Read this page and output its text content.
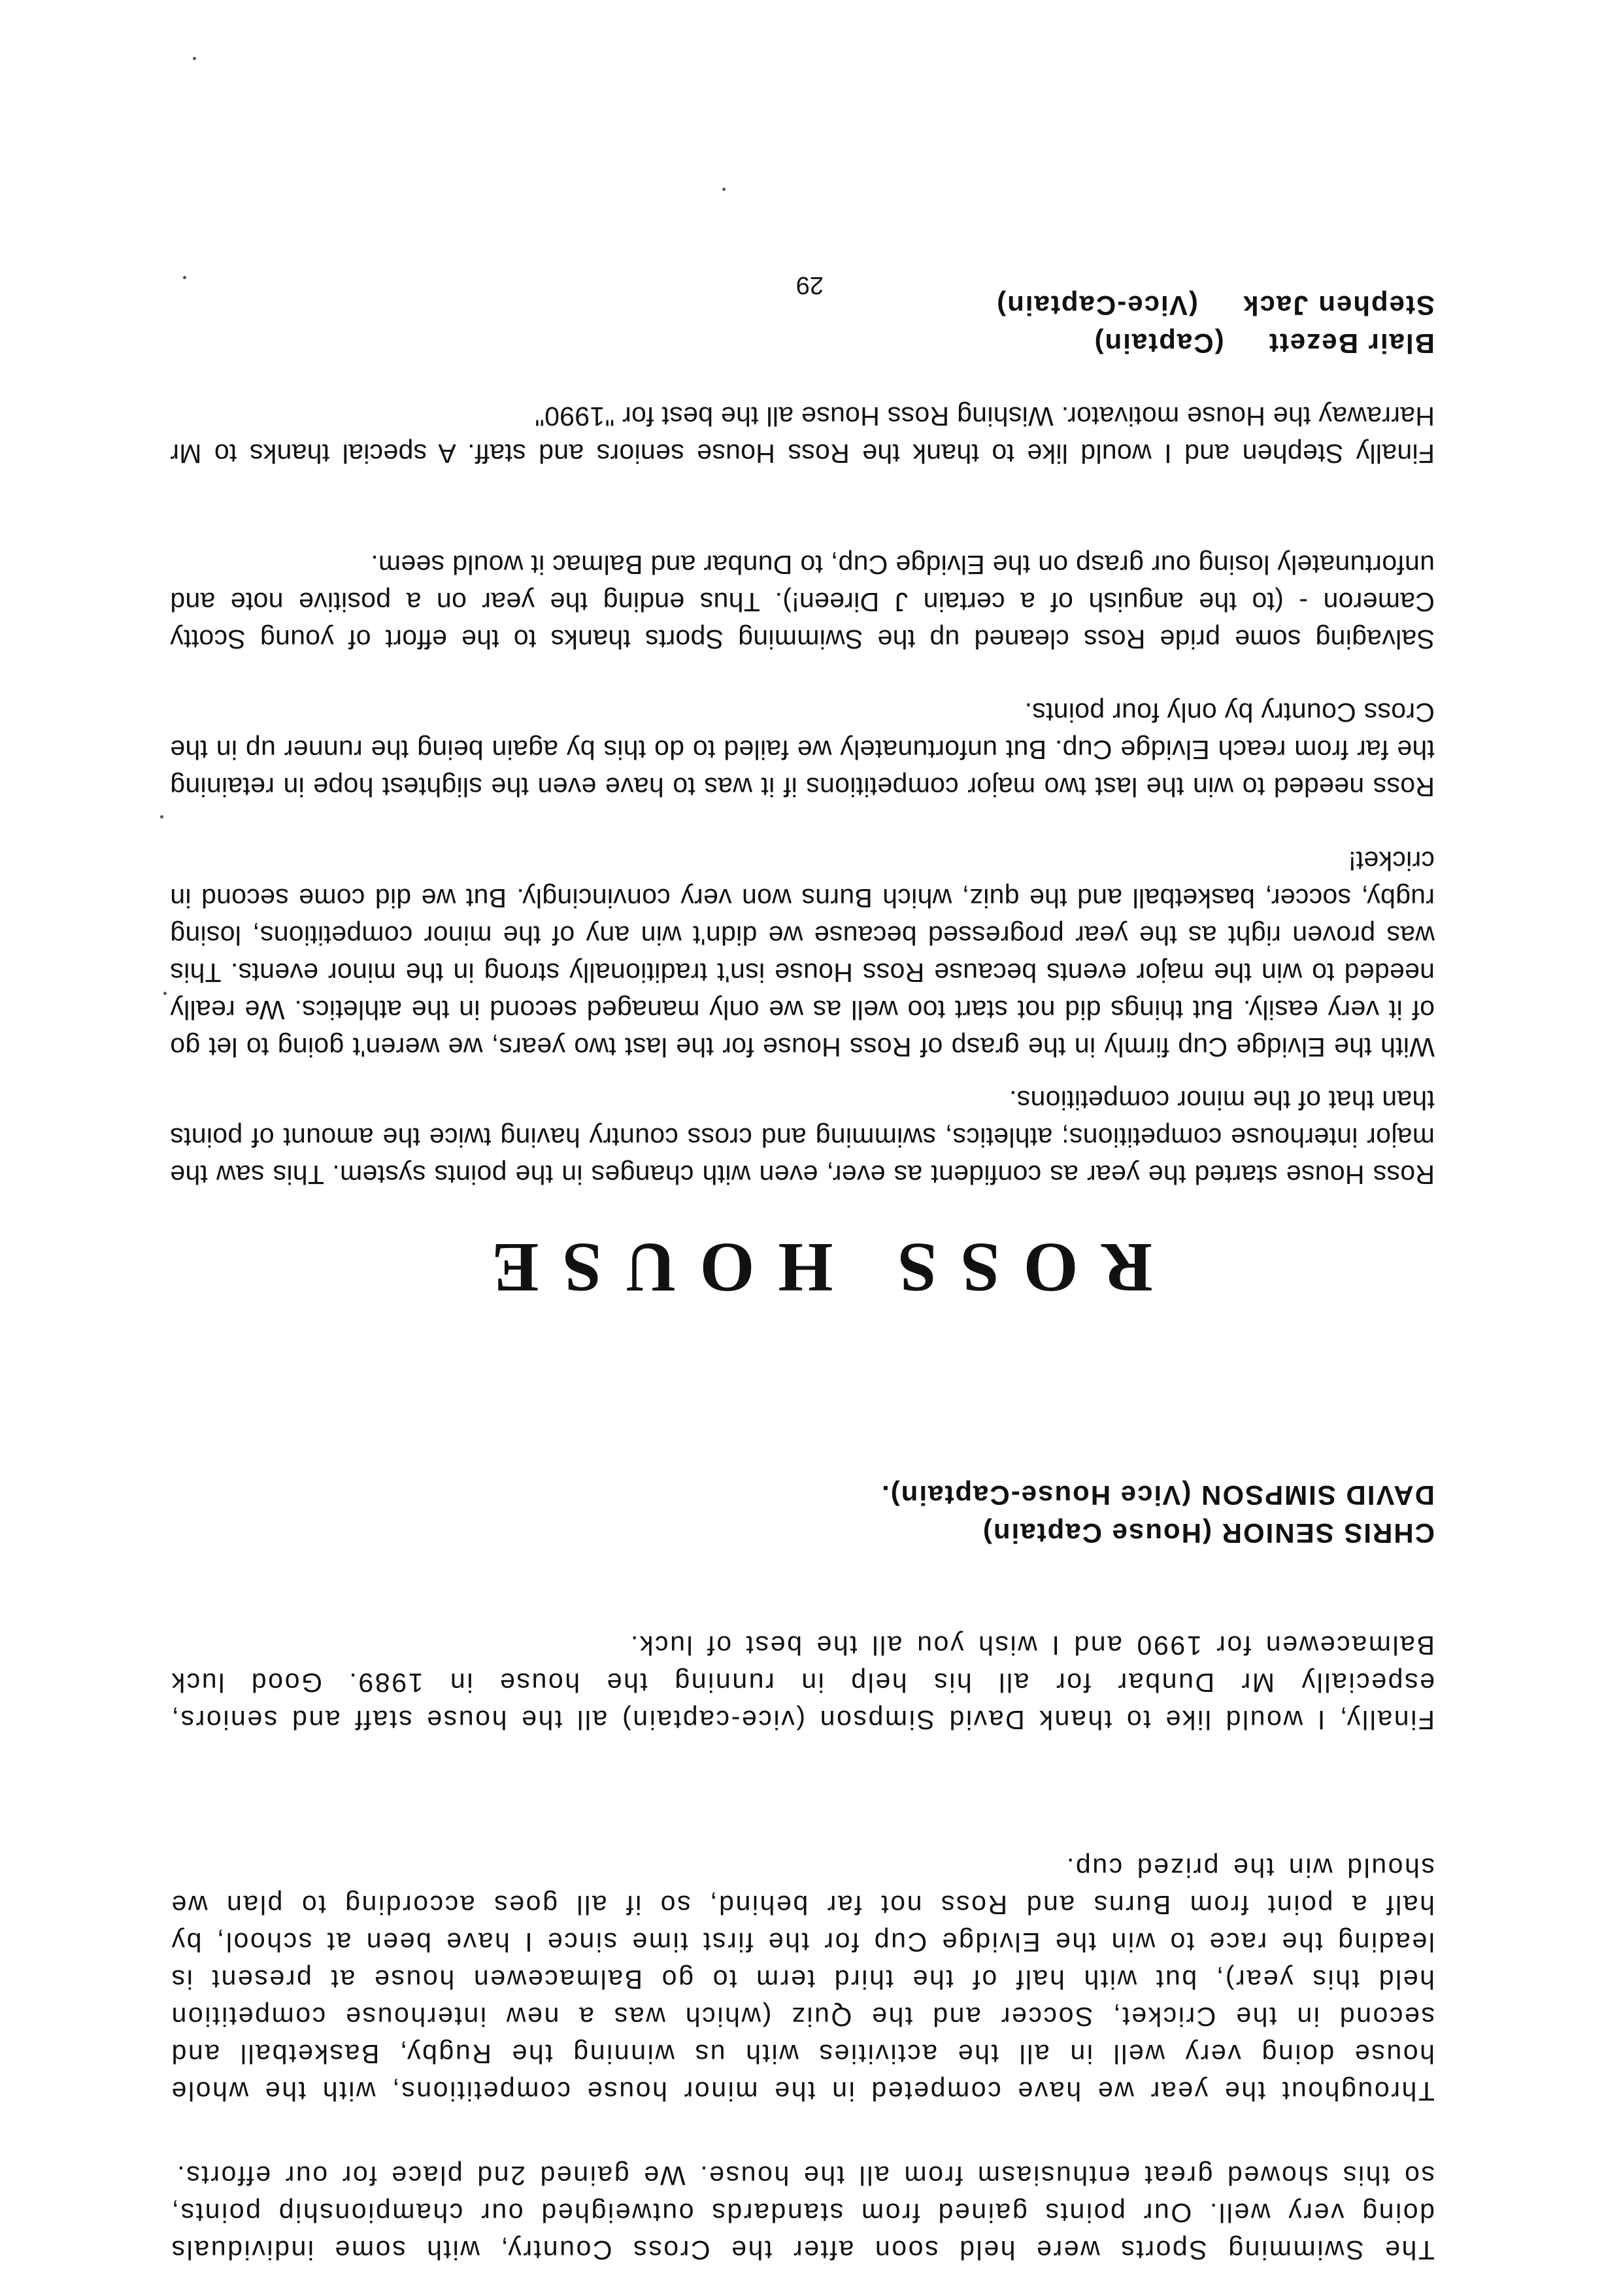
The Swimming Sports were held soon after the Cross Country, with some individuals doing very well. Our points gained from standards outweighed our championship points, so this showed great enthusiasm from all the house. We gained 2nd place for our efforts.

Throughout the year we have competed in the minor house competitions, with the whole house doing very well in all the activities with us winning the Rugby, Basketball and second in the Cricket, Soccer and the Quiz (which was a new interhouse competition held this year), but with half of the third term to go Balmacewen house at present is leading the race to win the Elvidge Cup for the first time since I have been at school, by half a point from Burns and Ross not far behind, so if all goes according to plan we should win the prized cup.

Finally, I would like to thank David Simpson (vice-captain) all the house staff and seniors, especially Mr Dunbar for all his help in running the house in 1989. Good luck Balmacewen for 1990 and I wish you all the best of luck.

CHRIS SENIOR (House Captain)
DAVID SIMPSON (Vice House-Captain).
ROSS HOUSE

Ross House started the year as confident as ever, even with changes in the points system. This saw the major interhouse competitions; athletics, swimming and cross country having twice the amount of points than that of the minor competitions.

With the Elvidge Cup firmly in the grasp of Ross House for the last two years, we weren't going to let go of it very easily. But things did not start too well as we only managed second in the athletics. We really needed to win the major events because Ross House isn't traditionally strong in the minor events. This was proven right as the year progressed because we didn't win any of the minor competitions, losing rugby, soccer, basketball and the quiz, which Burns won very convincingly. But we did come second in cricket!

Ross needed to win the last two major competitions if it was to have even the slightest hope in retaining the far from reach Elvidge Cup. But unfortunately we failed to do this by again being the runner up in the Cross Country by only four points.

Salvaging some pride Ross cleaned up the Swimming Sports thanks to the effort of young Scotty Cameron - (to the anguish of a certain J Direen!). Thus ending the year on a positive note and unfortunately losing our grasp on the Elvidge Cup, to Dunbar and Balmac it would seem.

Finally Stephen and I would like to thank the Ross House seniors and staff. A special thanks to Mr Harraway the House motivator. Wishing Ross House all the best for "1990"

Blair Bezett  (Captain)
Stephen Jack  (Vice-Captain)
29
